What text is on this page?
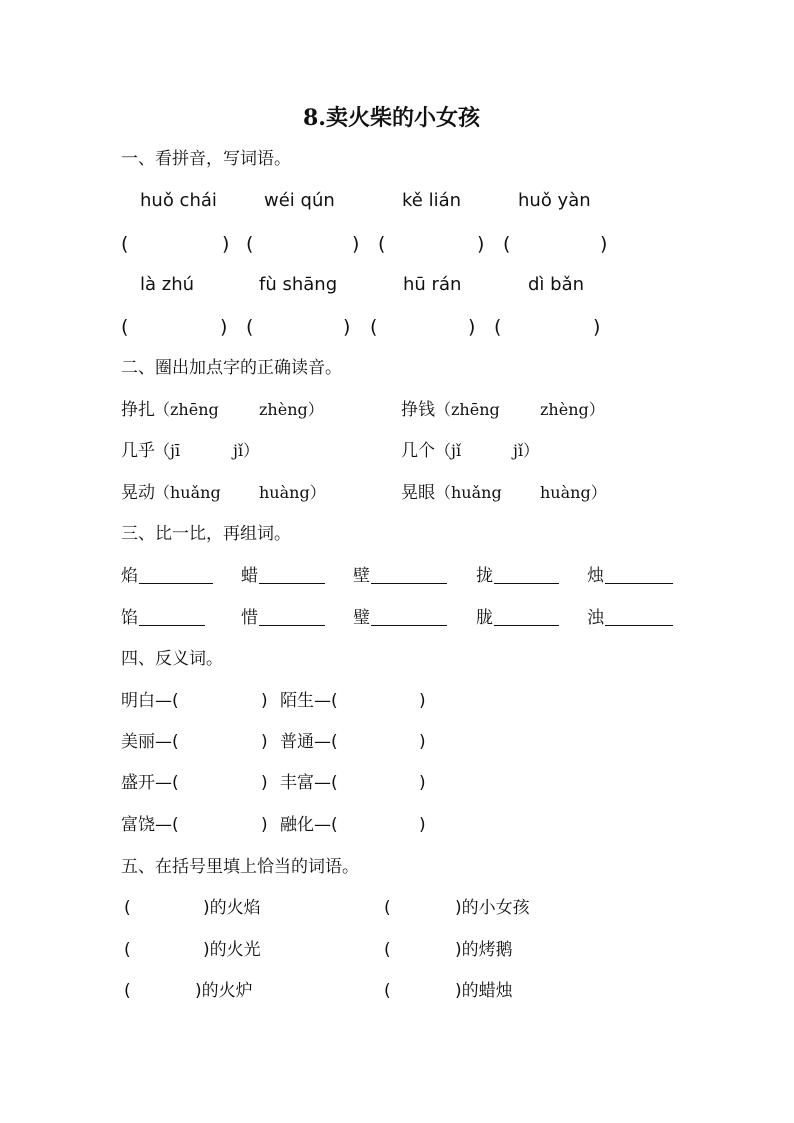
8.卖火柴的小女孩
一、看拼音，写词语。
huǒ chái	wéi qún	kě lián	huǒ yàn
(	) (	) (	) (	)
là zhú	fù shāng	hū rán	dì bǎn
(	) (	) (	) (	)
二、圈出加点字的正确读音。
挣扎 （zhēng	zhèng）	挣钱 （zhēng	zhèng）
几乎 （jī	jǐ）	几个 （jǐ	jǐ）
晃动 （huǎng huàng）	晃眼 （huǎng huàng）
三、比一比，再组词。
焰	蜡	壁	拢	烛
馅	惜	璧	胧	浊
四、反义词。
明白—(	) 陌生—(	)
美丽—(	) 普通—(	)
盛开—(	) 丰富—(	)
富饶—(	) 融化—(	)
五、在括号里填上恰当的词语。
(	)的火焰	(	)的小女孩
(	)的火光	(	)的烤鹅
(	)的火炉	(	)的蜡烛
